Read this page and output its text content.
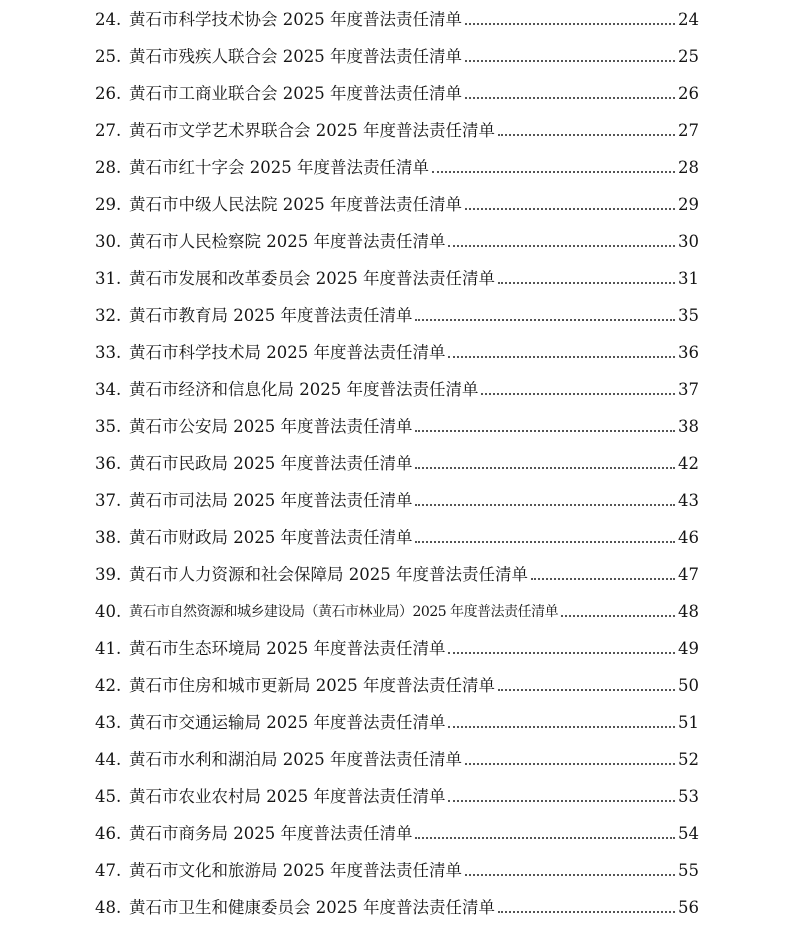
24. 黄石市科学技术协会 2025 年度普法责任清单	24
25. 黄石市残疾人联合会 2025 年度普法责任清单	25
26. 黄石市工商业联合会 2025 年度普法责任清单	26
27. 黄石市文学艺术界联合会 2025 年度普法责任清单	27
28. 黄石市红十字会 2025 年度普法责任清单	28
29. 黄石市中级人民法院 2025 年度普法责任清单	29
30. 黄石市人民检察院 2025 年度普法责任清单	30
31. 黄石市发展和改革委员会 2025 年度普法责任清单	31
32. 黄石市教育局 2025 年度普法责任清单	35
33. 黄石市科学技术局 2025 年度普法责任清单	36
34. 黄石市经济和信息化局 2025 年度普法责任清单	37
35. 黄石市公安局 2025 年度普法责任清单	38
36. 黄石市民政局 2025 年度普法责任清单	42
37. 黄石市司法局 2025 年度普法责任清单	43
38. 黄石市财政局 2025 年度普法责任清单	46
39. 黄石市人力资源和社会保障局 2025 年度普法责任清单	47
40. 黄石市自然资源和城乡建设局（黄石市林业局）2025 年度普法责任清单	48
41. 黄石市生态环境局 2025 年度普法责任清单	49
42. 黄石市住房和城市更新局 2025 年度普法责任清单	50
43. 黄石市交通运输局 2025 年度普法责任清单	51
44. 黄石市水利和湖泊局 2025 年度普法责任清单	52
45. 黄石市农业农村局 2025 年度普法责任清单	53
46. 黄石市商务局 2025 年度普法责任清单	54
47. 黄石市文化和旅游局 2025 年度普法责任清单	55
48. 黄石市卫生和健康委员会 2025 年度普法责任清单	56
